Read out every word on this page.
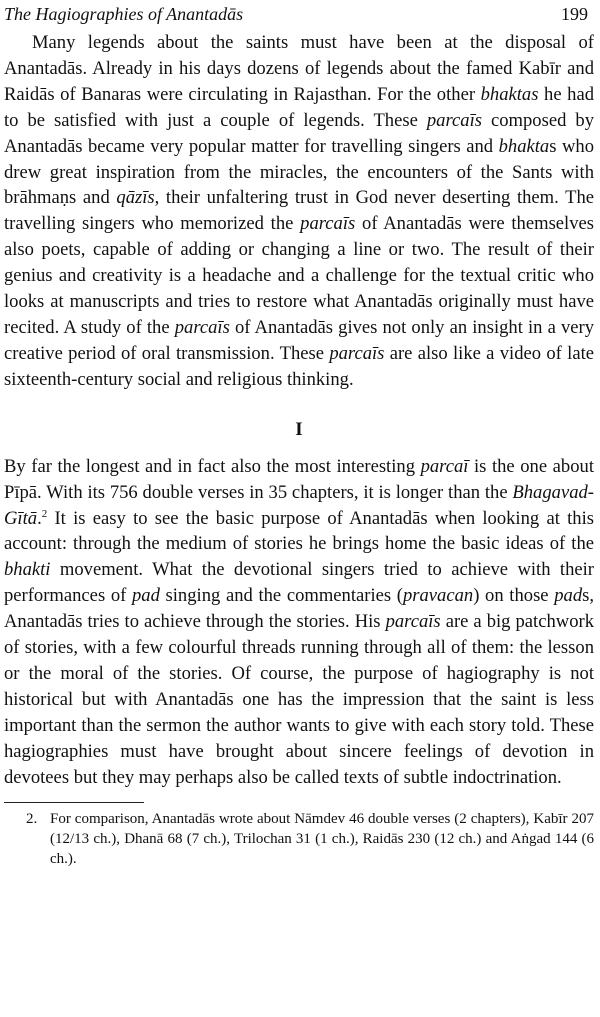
The Hagiographies of Anantadās	199

Many legends about the saints must have been at the disposal of Anantadās. Already in his days dozens of legends about the famed Kabīr and Raidās of Banaras were circulating in Rajasthan. For the other bhaktas he had to be satisfied with just a couple of legends. These parcaīs composed by Anantadās became very popular matter for travelling singers and bhaktas who drew great inspiration from the miracles, the encounters of the Sants with brāhmaṇs and qāzīs, their unfaltering trust in God never deserting them. The travelling singers who memorized the parcaīs of Anantadās were themselves also poets, capable of adding or changing a line or two. The result of their genius and creativity is a headache and a challenge for the textual critic who looks at manuscripts and tries to restore what Anantadās originally must have recited. A study of the parcaīs of Anantadās gives not only an insight in a very creative period of oral transmission. These parcaīs are also like a video of late sixteenth-century social and religious thinking.

I

By far the longest and in fact also the most interesting parcaī is the one about Pīpā. With its 756 double verses in 35 chapters, it is longer than the Bhagavad-Gītā.$^2$ It is easy to see the basic purpose of Anantadās when looking at this account: through the medium of stories he brings home the basic ideas of the bhakti movement. What the devotional singers tried to achieve with their performances of pad singing and the commentaries (pravacan) on those pads, Anantadās tries to achieve through the stories. His parcaīs are a big patchwork of stories, with a few colourful threads running through all of them: the lesson or the moral of the stories. Of course, the purpose of hagiography is not historical but with Anantadās one has the impression that the saint is less important than the sermon the author wants to give with each story told. These hagiographies must have brought about sincere feelings of devotion in devotees but they may perhaps also be called texts of subtle indoctrination.

2. For comparison, Anantadās wrote about Nāmdev 46 double verses (2 chapters), Kabīr 207 (12/13 ch.), Dhanā 68 (7 ch.), Trilochan 31 (1 ch.), Raidās 230 (12 ch.) and Aṅgad 144 (6 ch.).
